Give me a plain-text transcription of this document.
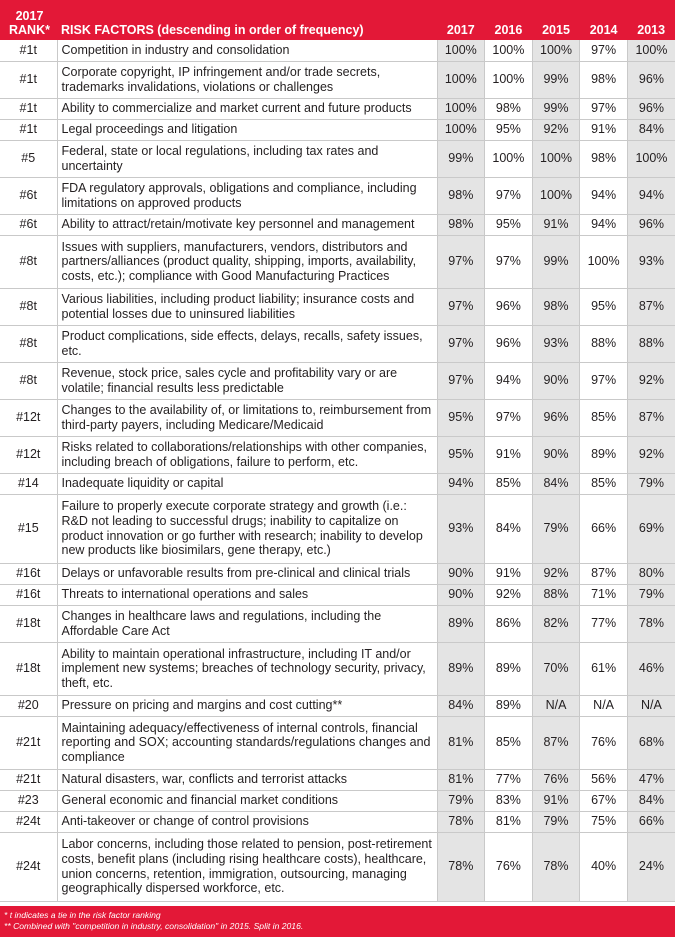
2017
RANK*	RISK FACTORS (descending in order of frequency)	2017	2016	2015	2014	2013
#1t	Competition in industry and consolidation	100%	100%	100%	97%	100%
#1t	Corporate copyright, IP infringement and/or trade secrets, trademarks invalidations, violations or challenges	100%	100%	99%	98%	96%
#1t	Ability to commercialize and market current and future products	100%	98%	99%	97%	96%
#1t	Legal proceedings and litigation	100%	95%	92%	91%	84%
#5	Federal, state or local regulations, including tax rates and uncertainty	99%	100%	100%	98%	100%
#6t	FDA regulatory approvals, obligations and compliance, including limitations on approved products	98%	97%	100%	94%	94%
#6t	Ability to attract/retain/motivate key personnel and management	98%	95%	91%	94%	96%
#8t	Issues with suppliers, manufacturers, vendors, distributors and partners/alliances (product quality, shipping, imports, availability, costs, etc.); compliance with Good Manufacturing Practices	97%	97%	99%	100%	93%
#8t	Various liabilities, including product liability; insurance costs and potential losses due to uninsured liabilities	97%	96%	98%	95%	87%
#8t	Product complications, side effects, delays, recalls, safety issues, etc.	97%	96%	93%	88%	88%
#8t	Revenue, stock price, sales cycle and profitability vary or are volatile; financial results less predictable	97%	94%	90%	97%	92%
#12t	Changes to the availability of, or limitations to, reimbursement from third-party payers, including Medicare/Medicaid	95%	97%	96%	85%	87%
#12t	Risks related to collaborations/relationships with other companies, including breach of obligations, failure to perform, etc.	95%	91%	90%	89%	92%
#14	Inadequate liquidity or capital	94%	85%	84%	85%	79%
#15	Failure to properly execute corporate strategy and growth (i.e.: R&D not leading to successful drugs; inability to capitalize on product innovation or go further with research; inability to develop new products like biosimilars, gene therapy, etc.)	93%	84%	79%	66%	69%
#16t	Delays or unfavorable results from pre-clinical and clinical trials	90%	91%	92%	87%	80%
#16t	Threats to international operations and sales	90%	92%	88%	71%	79%
#18t	Changes in healthcare laws and regulations, including the Affordable Care Act	89%	86%	82%	77%	78%
#18t	Ability to maintain operational infrastructure, including IT and/or implement new systems; breaches of technology security, privacy, theft, etc.	89%	89%	70%	61%	46%
#20	Pressure on pricing and margins and cost cutting**	84%	89%	N/A	N/A	N/A
#21t	Maintaining adequacy/effectiveness of internal controls, financial reporting and SOX; accounting standards/regulations changes and compliance	81%	85%	87%	76%	68%
#21t	Natural disasters, war, conflicts and terrorist attacks	81%	77%	76%	56%	47%
#23	General economic and financial market conditions	79%	83%	91%	67%	84%
#24t	Anti-takeover or change of control provisions	78%	81%	79%	75%	66%
#24t	Labor concerns, including those related to pension, post-retirement costs, benefit plans (including rising healthcare costs), healthcare, union concerns, retention, immigration, outsourcing, managing geographically dispersed workforce, etc.	78%	76%	78%	40%	24%
* t indicates a tie in the risk factor ranking
** Combined with "competition in industry, consolidation" in 2015. Split in 2016.
